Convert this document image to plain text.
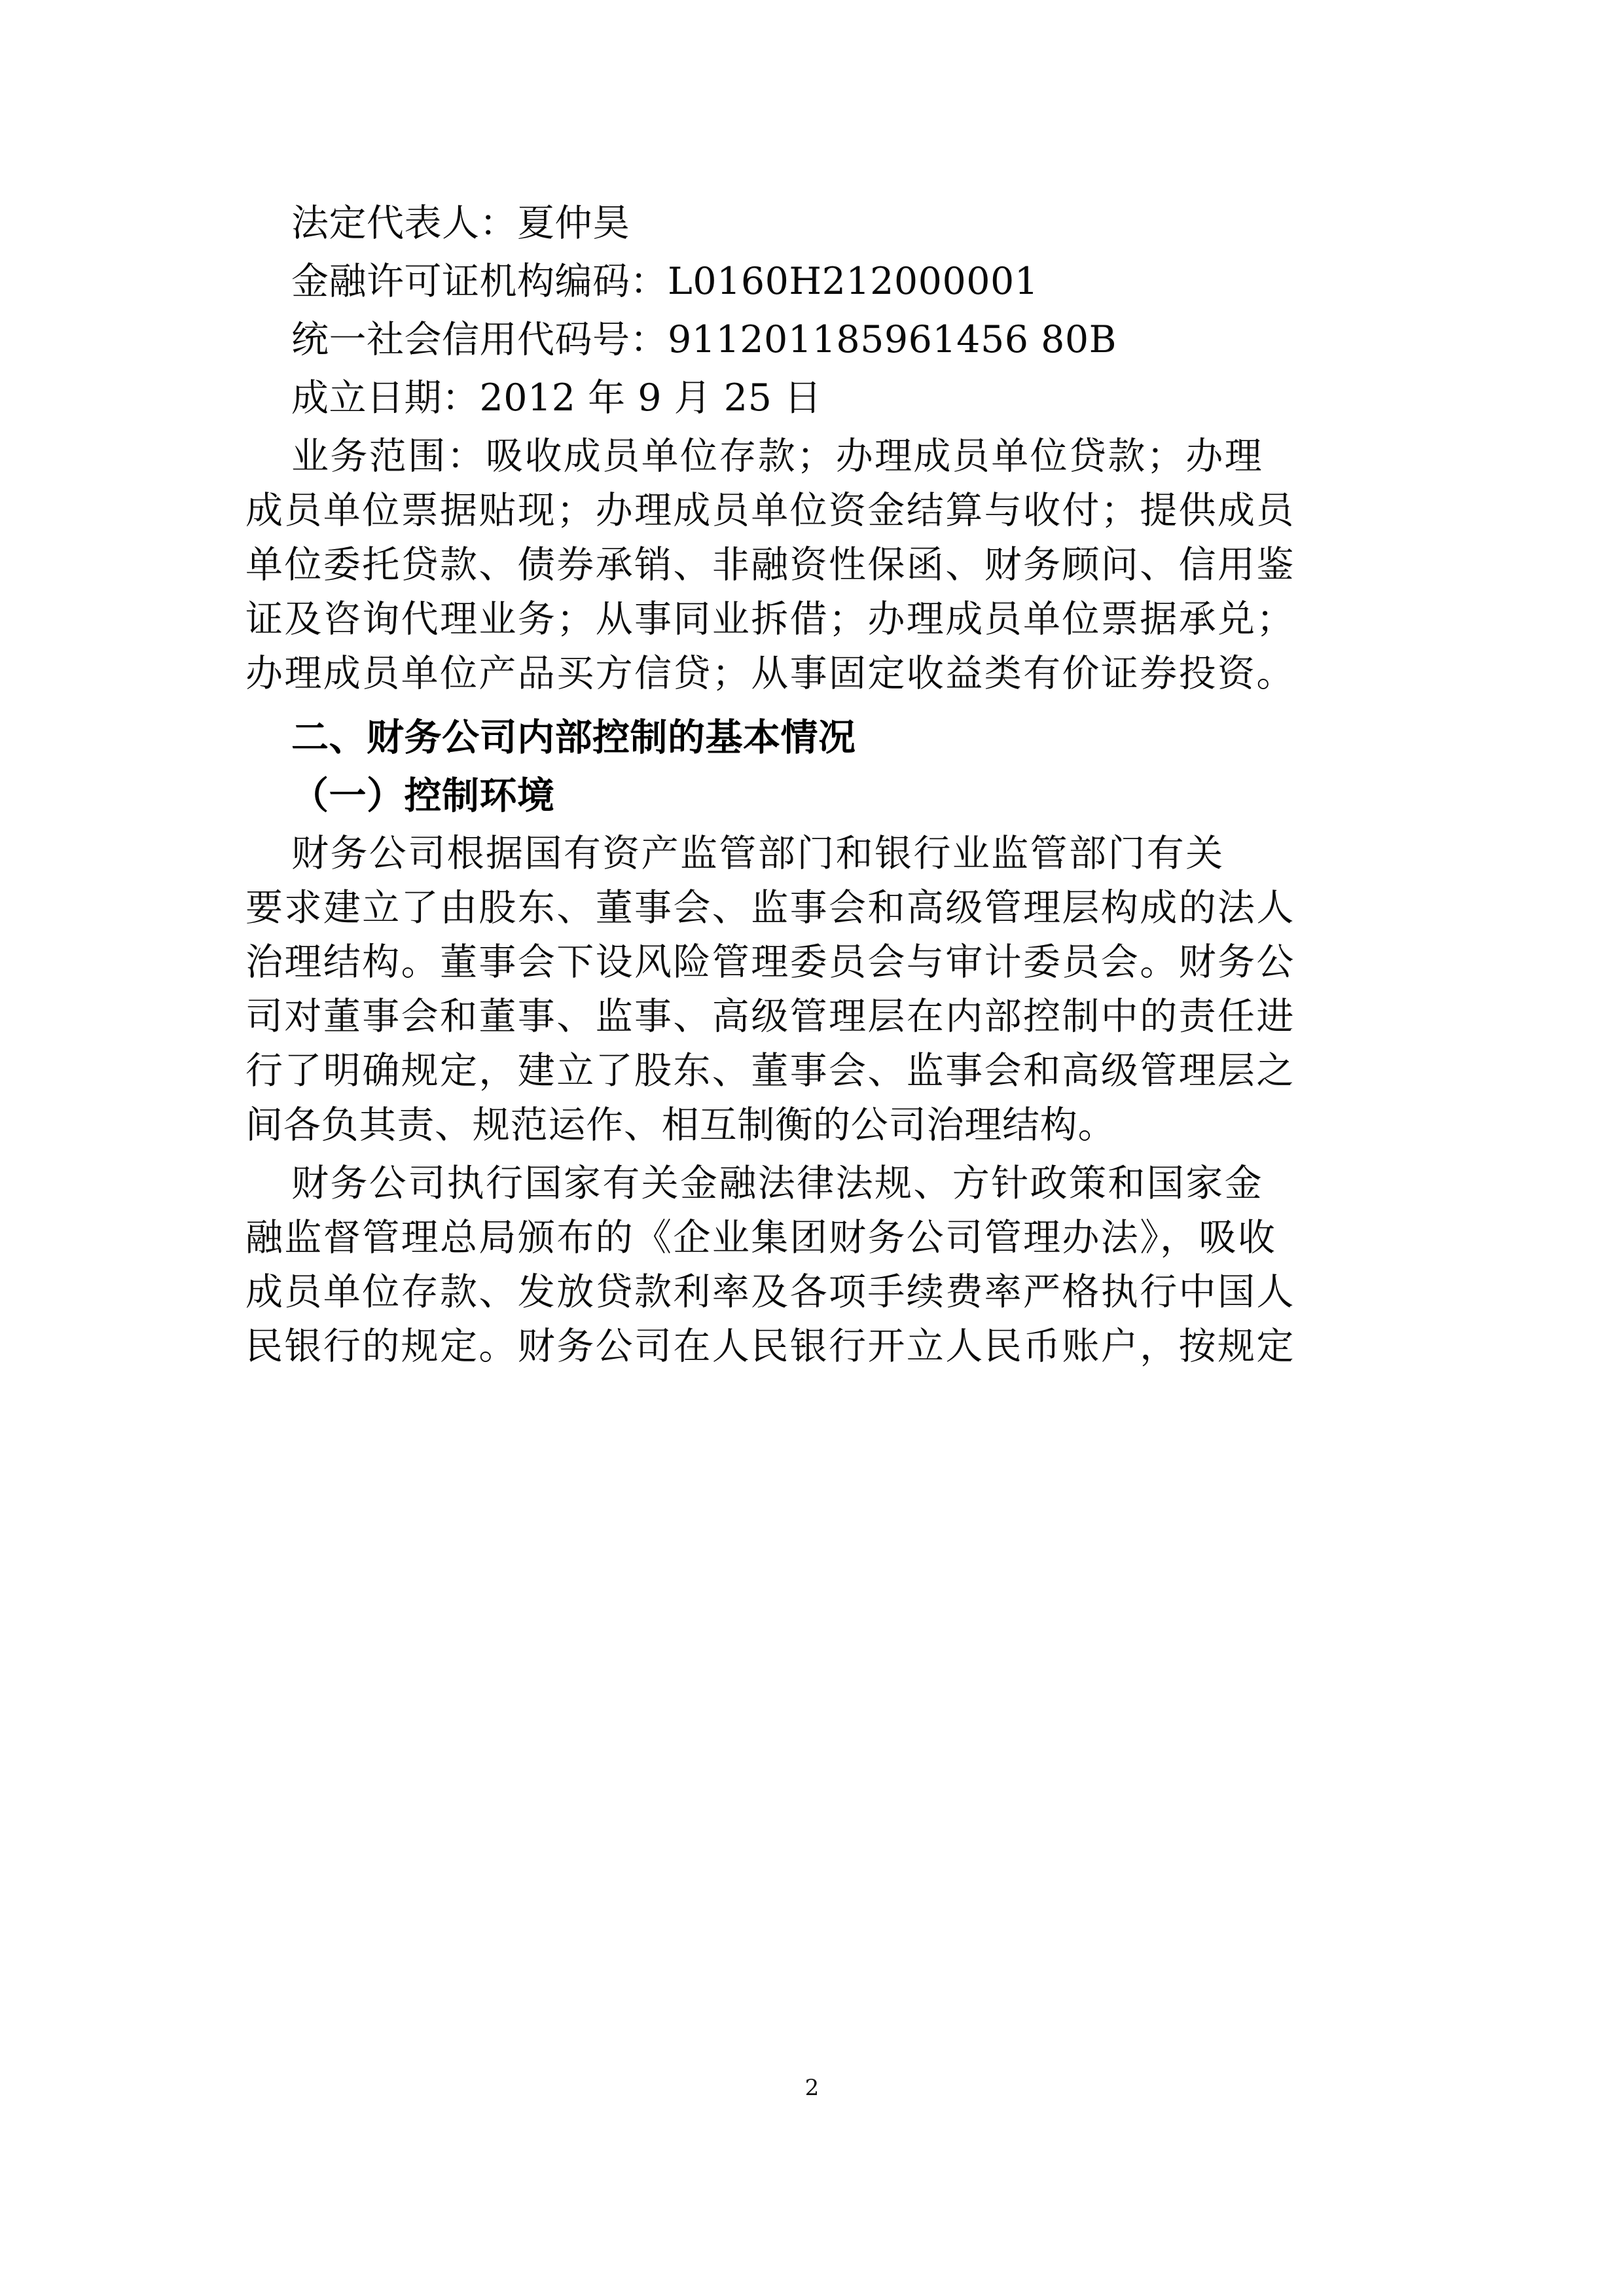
法定代表人：夏仲昊
金融许可证机构编码：L0160H212000001
统一社会信用代码号：911201185961456 80B
成立日期：2012 年 9 月 25 日
业务范围：吸收成员单位存款；办理成员单位贷款；办理
成员单位票据贴现；办理成员单位资金结算与收付；提供成员
单位委托贷款、债券承销、非融资性保函、财务顾问、信用鉴
证及咨询代理业务；从事同业拆借；办理成员单位票据承兑；
办理成员单位产品买方信贷；从事固定收益类有价证券投资。
二、财务公司内部控制的基本情况
（一）控制环境
财务公司根据国有资产监管部门和银行业监管部门有关
要求建立了由股东、董事会、监事会和高级管理层构成的法人
治理结构。董事会下设风险管理委员会与审计委员会。财务公
司对董事会和董事、监事、高级管理层在内部控制中的责任进
行了明确规定，建立了股东、董事会、监事会和高级管理层之
间各负其责、规范运作、相互制衡的公司治理结构。
财务公司执行国家有关金融法律法规、方针政策和国家金
融监督管理总局颁布的《企业集团财务公司管理办法》，吸收
成员单位存款、发放贷款利率及各项手续费率严格执行中国人
民银行的规定。财务公司在人民银行开立人民币账户，按规定
2
